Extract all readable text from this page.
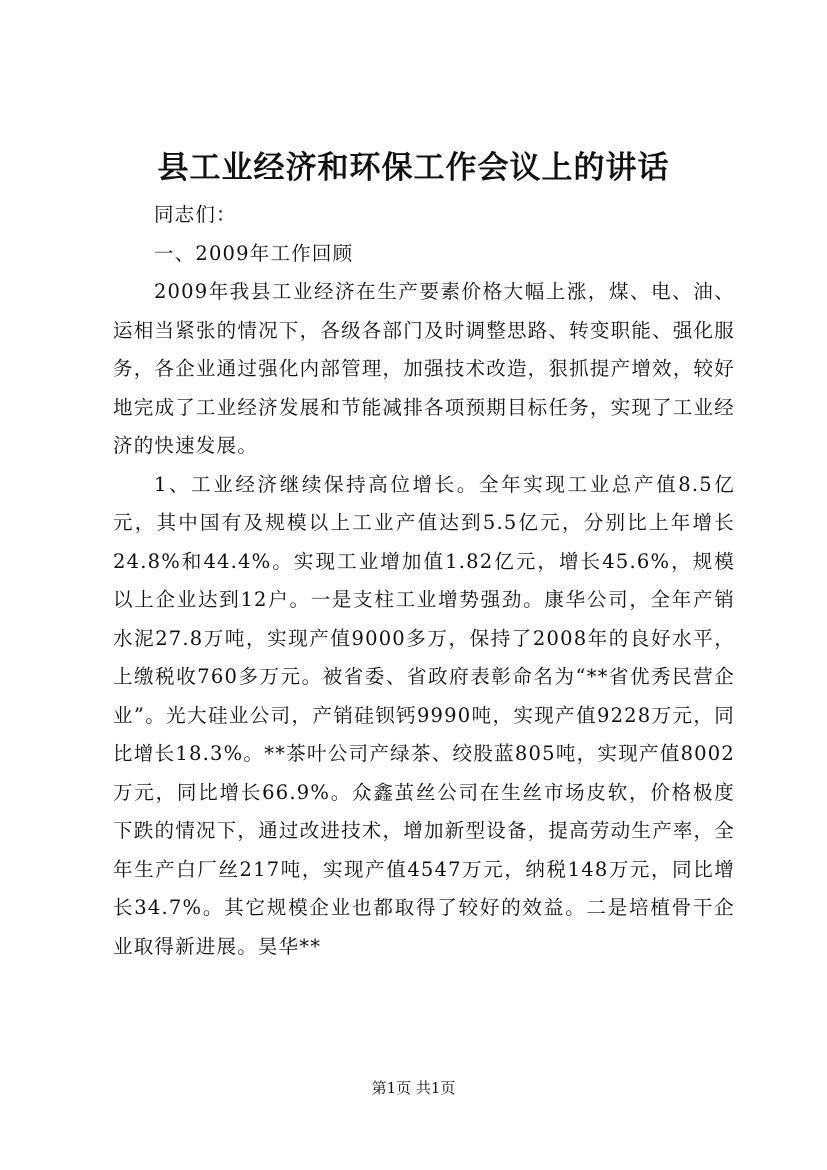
县工业经济和环保工作会议上的讲话

同志们：

一、2009年工作回顾

2009年我县工业经济在生产要素价格大幅上涨，煤、电、油、运相当紧张的情况下，各级各部门及时调整思路、转变职能、强化服务，各企业通过强化内部管理，加强技术改造，狠抓提产增效，较好地完成了工业经济发展和节能减排各项预期目标任务，实现了工业经济的快速发展。

1、工业经济继续保持高位增长。全年实现工业总产值8.5亿元，其中国有及规模以上工业产值达到5.5亿元，分别比上年增长24.8%和44.4%。实现工业增加值1.82亿元，增长45.6%，规模以上企业达到12户。一是支柱工业增势强劲。康华公司，全年产销水泥27.8万吨，实现产值9000多万，保持了2008年的良好水平，上缴税收760多万元。被省委、省政府表彰命名为“**省优秀民营企业”。光大硅业公司，产销硅钡钙9990吨，实现产值9228万元，同比增长18.3%。**茶叶公司产绿茶、绞股蓝805吨，实现产值8002万元，同比增长66.9%。众鑫茧丝公司在生丝市场皮软，价格极度下跌的情况下，通过改进技术，增加新型设备，提高劳动生产率，全年生产白厂丝217吨，实现产值4547万元，纳税148万元，同比增长34.7%。其它规模企业也都取得了较好的效益。二是培植骨干企业取得新进展。昊华**

第1页 共1页
